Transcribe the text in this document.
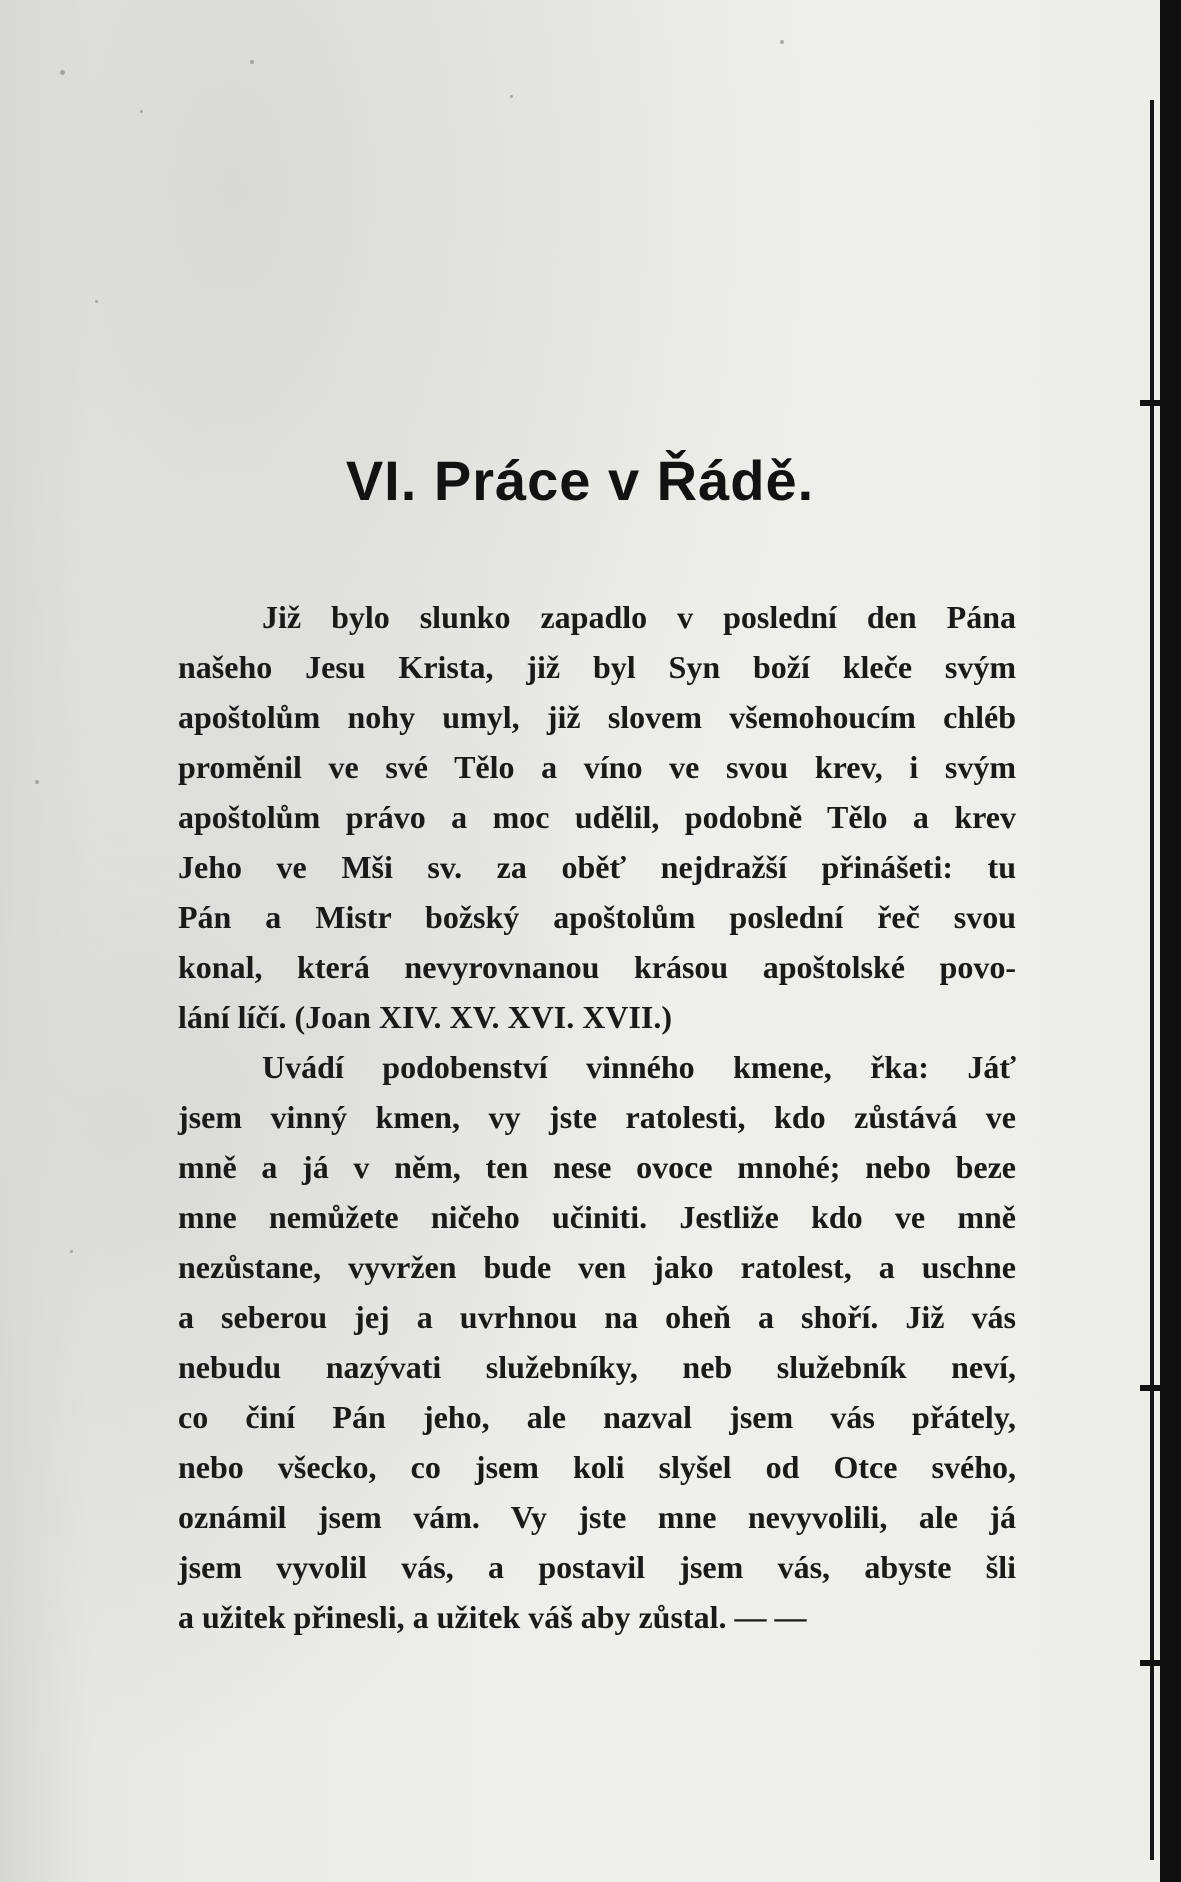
VI. Práce v Řádě.
Již bylo slunko zapadlo v poslední den Pána
našeho Jesu Krista, již byl Syn boží kleče svým
apoštolům nohy umyl, již slovem všemohoucím chléb
proměnil ve své Tělo a víno ve svou krev, i svým
apoštolům právo a moc udělil, podobně Tělo a krev
Jeho ve Mši sv. za oběť nejdražší přinášeti: tu
Pán a Mistr božský apoštolům poslední řeč svou
konal, která nevyrovnanou krásou apoštolské povo-
lání líčí. (Joan XIV. XV. XVI. XVII.)
Uvádí podobenství vinného kmene, řka: Jáť
jsem vinný kmen, vy jste ratolesti, kdo zůstává ve
mně a já v něm, ten nese ovoce mnohé; nebo beze
mne nemůžete ničeho učiniti. Jestliže kdo ve mně
nezůstane, vyvržen bude ven jako ratolest, a uschne
a seberou jej a uvrhnou na oheň a shoří. Již vás
nebudu nazývati služebníky, neb služebník neví,
co činí Pán jeho, ale nazval jsem vás přátely,
nebo všecko, co jsem koli slyšel od Otce svého,
oznámil jsem vám. Vy jste mne nevyvolili, ale já
jsem vyvolil vás, a postavil jsem vás, abyste šli
a užitek přinesli, a užitek váš aby zůstal. — —
